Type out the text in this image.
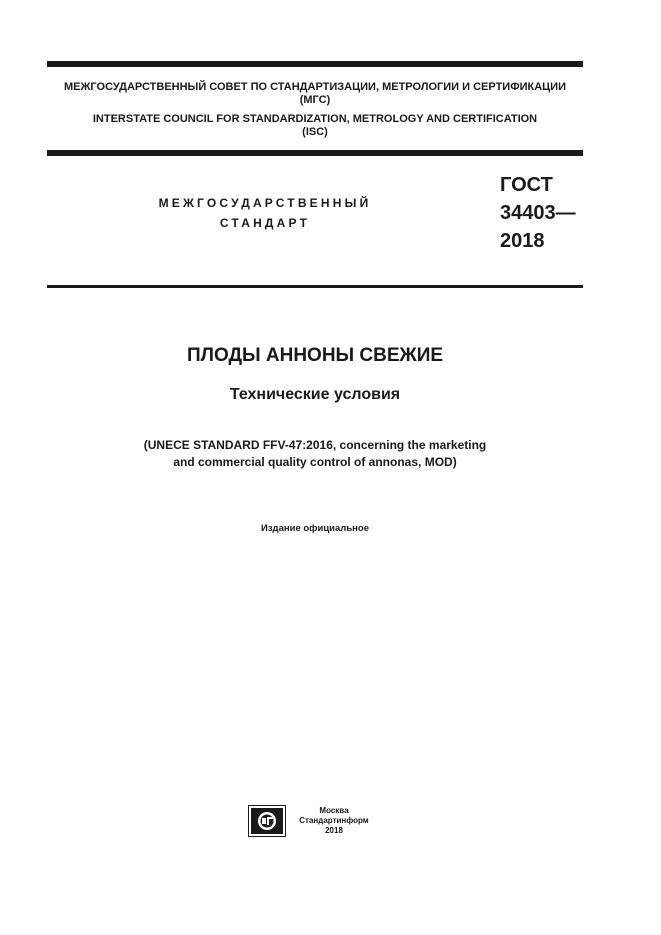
МЕЖГОСУДАРСТВЕННЫЙ СОВЕТ ПО СТАНДАРТИЗАЦИИ, МЕТРОЛОГИИ И СЕРТИФИКАЦИИ
(МГС)
INTERSTATE COUNCIL FOR STANDARDIZATION, METROLOGY AND CERTIFICATION
(ISC)
МЕЖГОСУДАРСТВЕННЫЙ
СТАНДАРТ
ГОСТ
34403—
2018
ПЛОДЫ АННОНЫ СВЕЖИЕ
Технические условия
(UNECE STANDARD FFV-47:2016, concerning the marketing
and commercial quality control of annonas, MOD)
Издание официальное
Москва
Стандартинформ
2018
